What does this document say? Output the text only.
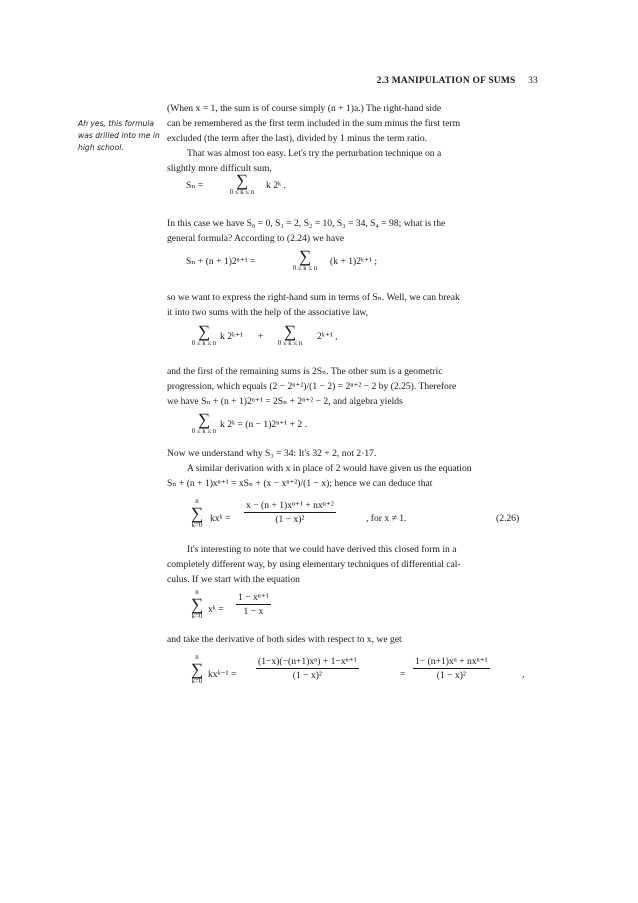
2.3 MANIPULATION OF SUMS 33
Ah yes, this formula was drilled into me in high school.
(When x = 1, the sum is of course simply (n + 1)a.) The right-hand side
can be remembered as the first term included in the sum minus the first term
excluded (the term after the last), divided by 1 minus the term ratio.
That was almost too easy. Let's try the perturbation technique on a
slightly more difficult sum,
Sₙ =	∑
0 ≤ k ≤ n
k 2ᵏ .
In this case we have S₀ = 0, S₁ = 2, S₂ = 10, S₃ = 34, S₄ = 98; what is the
general formula? According to (2.24) we have
Sₙ + (n + 1)2ⁿ⁺¹ =	∑
0 ≤ k ≤ n
(k + 1)2ᵏ⁺¹ ;
so we want to express the right-hand sum in terms of Sₙ. Well, we can break
it into two sums with the help of the associative law,
∑
0 ≤ k ≤ n
k 2ᵏ⁺¹ +	∑
0 ≤ k ≤ n
2ᵏ⁺¹ ,
and the first of the remaining sums is 2Sₙ. The other sum is a geometric
progression, which equals (2 − 2ⁿ⁺²)/(1 − 2) = 2ⁿ⁺² − 2 by (2.25). Therefore
we have Sₙ + (n + 1)2ⁿ⁺¹ = 2Sₙ + 2ⁿ⁺² − 2, and algebra yields
∑
0 ≤ k ≤ n
k 2ᵏ = (n − 1)2ⁿ⁺¹ + 2 .
Now we understand why S₃ = 34: It's 32 + 2, not 2·17.
A similar derivation with x in place of 2 would have given us the equation
Sₙ + (n + 1)xⁿ⁺¹ = xSₙ + (x − xⁿ⁺²)/(1 − x); hence we can deduce that
n
∑
k=0
kxᵏ = $\frac{\text{x − (n + 1)xⁿ⁺¹ + nxⁿ⁺²}}{\text{(1 − x)²}}$	, for x ≠ 1.	(2.26)
It's interesting to note that we could have derived this closed form in a
completely different way, by using elementary techniques of differential cal-
culus. If we start with the equation
n
∑
k=0
xᵏ = $\frac{\text{1 − xⁿ⁺¹}}{1 - x}$
and take the derivative of both sides with respect to x, we get
n
∑
k=0
kxᵏ⁻¹ = $\frac{\text{(1−x)(−(n+1)xⁿ) + 1−xⁿ⁺¹}}{\text{(1 − x)²}}$	= $\frac{\text{1− (n+1)xⁿ + nxⁿ⁺¹}}{\text{(1 − x)²}}$	,
